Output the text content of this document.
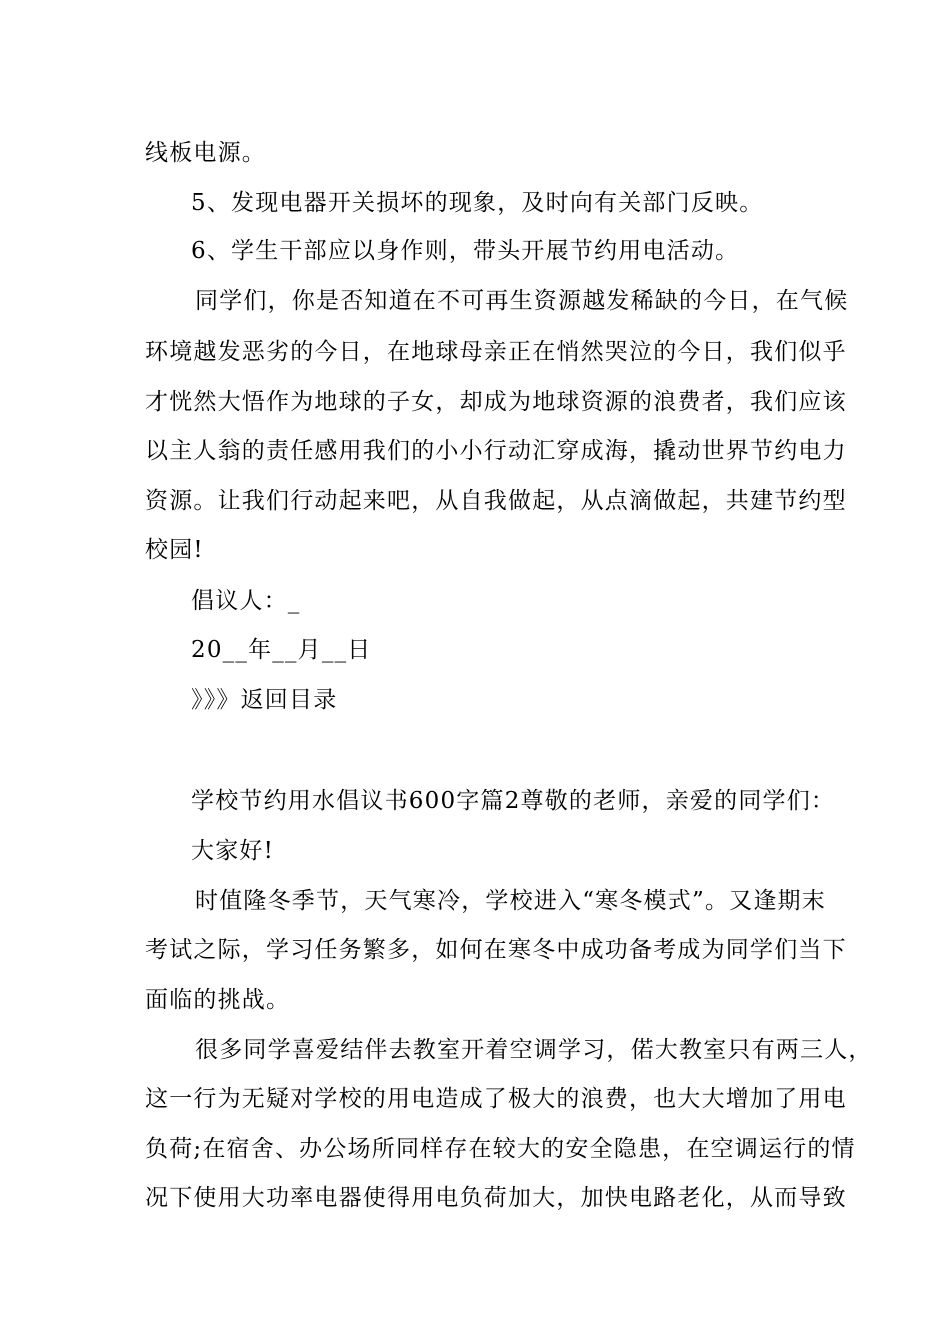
线板电源。
5、发现电器开关损坏的现象，及时向有关部门反映。
6、学生干部应以身作则，带头开展节约用电活动。
同学们，你是否知道在不可再生资源越发稀缺的今日，在气候
环境越发恶劣的今日，在地球母亲正在悄然哭泣的今日，我们似乎
才恍然大悟作为地球的子女，却成为地球资源的浪费者，我们应该
以主人翁的责任感用我们的小小行动汇穿成海，撬动世界节约电力
资源。让我们行动起来吧，从自我做起，从点滴做起，共建节约型
校园!
倡议人：_
20__年__月__日
》》》返回目录
学校节约用水倡议书600字篇2尊敬的老师，亲爱的同学们：
大家好!
时值隆冬季节，天气寒冷，学校进入“寒冬模式”。又逢期末
考试之际，学习任务繁多，如何在寒冬中成功备考成为同学们当下
面临的挑战。
很多同学喜爱结伴去教室开着空调学习，偌大教室只有两三人，
这一行为无疑对学校的用电造成了极大的浪费，也大大增加了用电
负荷;在宿舍、办公场所同样存在较大的安全隐患，在空调运行的情
况下使用大功率电器使得用电负荷加大，加快电路老化，从而导致
